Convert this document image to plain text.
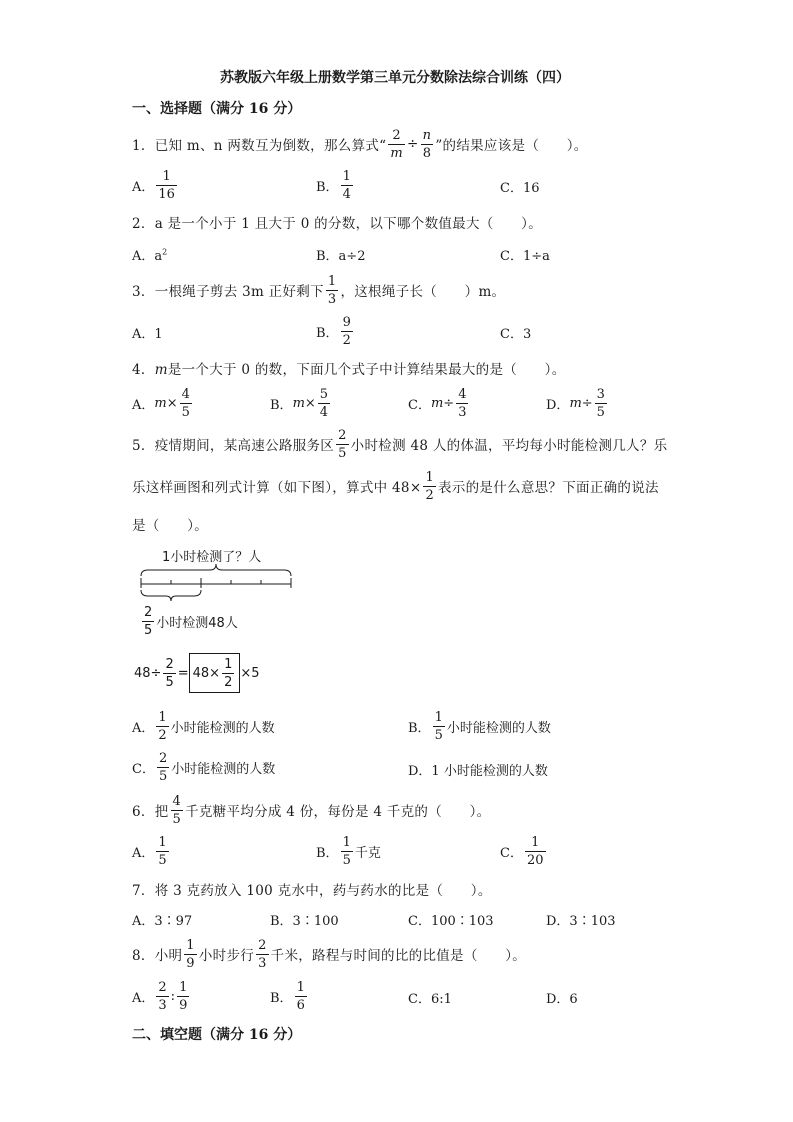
苏教版六年级上册数学第三单元分数除法综合训练（四）
一、选择题（满分 16 分）
1．已知 m、n 两数互为倒数，那么算式“ $\frac{2}{m} \div \frac{n}{8}$ ”的结果应该是（　　）。
A． $\frac{1}{16}$	B． $\frac{1}{4}$	C．16
2．a 是一个小于 1 且大于 0 的分数，以下哪个数值最大（　　）。
A．$a^2$	B．a÷2	C．1÷a
3．一根绳子剪去 3m 正好剩下 $\frac{1}{3}$ ，这根绳子长（　　）m。
A．1	B． $\frac{9}{2}$	C．3
4．m是一个大于 0 的数，下面几个式子中计算结果最大的是（　　）。
A． $m \times \frac{4}{5}$	B． $m \times \frac{5}{4}$	C． $m \div \frac{4}{3}$	D． $m \div \frac{3}{5}$
5．疫情期间，某高速公路服务区 $\frac{2}{5}$ 小时检测 48 人的体温，平均每小时能检测几人？乐
乐这样画图和列式计算（如下图），算式中 $48\times \frac{1}{2}$ 表示的是什么意思？下面正确的说法
是（　　）。
1小时检测了？人
$\frac{2}{5}$ 小时检测48人
$48 \div \frac{2}{5} = 48\times \frac{1}{2} \times 5$
A． $\frac{1}{2}$ 小时能检测的人数	B． $\frac{1}{5}$ 小时能检测的人数
C． $\frac{2}{5}$ 小时能检测的人数	D．1 小时能检测的人数
6．把 $\frac{4}{5}$ 千克糖平均分成 4 份，每份是 4 千克的（　　）。
A． $\frac{1}{5}$	B． $\frac{1}{5}$ 千克	C． $\frac{1}{20}$
7．将 3 克药放入 100 克水中，药与药水的比是（　　）。
A．3∶97	B．3∶100	C．100∶103	D．3∶103
8．小明 $\frac{1}{9}$ 小时步行 $\frac{2}{3}$ 千米，路程与时间的比的比值是（　　）。
A． $\frac{2}{3}$ : $\frac{1}{9}$	B． $\frac{1}{6}$	C．6:1	D．6
二、填空题（满分 16 分）
